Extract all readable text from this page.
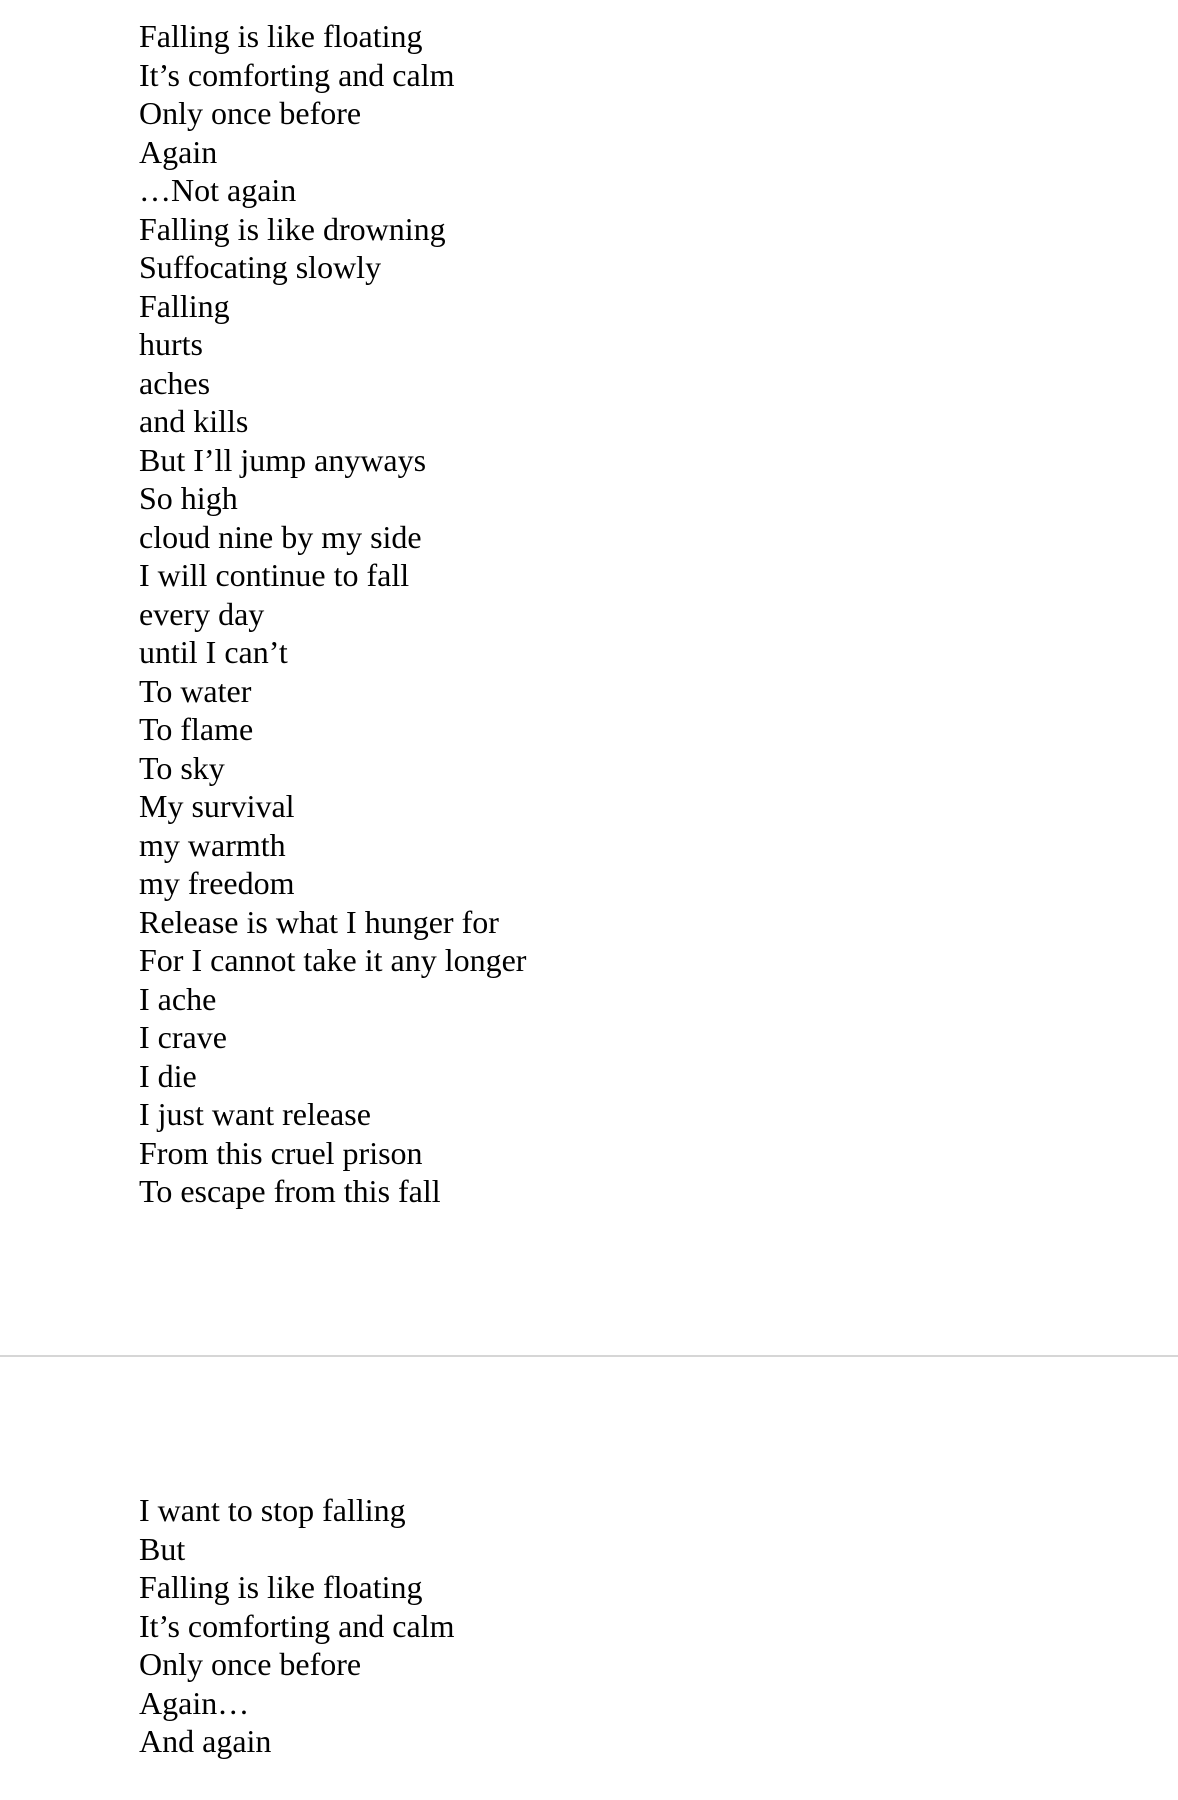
Falling is like floating
It’s comforting and calm
Only once before
Again
…Not again
Falling is like drowning
Suffocating slowly
Falling
hurts
aches
and kills
But I’ll jump anyways
So high
cloud nine by my side
I will continue to fall
every day
until I can’t
To water
To flame
To sky
My survival
my warmth
my freedom
Release is what I hunger for
For I cannot take it any longer
I ache
I crave
I die
I just want release
From this cruel prison
To escape from this fall
I want to stop falling
But
Falling is like floating
It’s comforting and calm
Only once before
Again…
And again
